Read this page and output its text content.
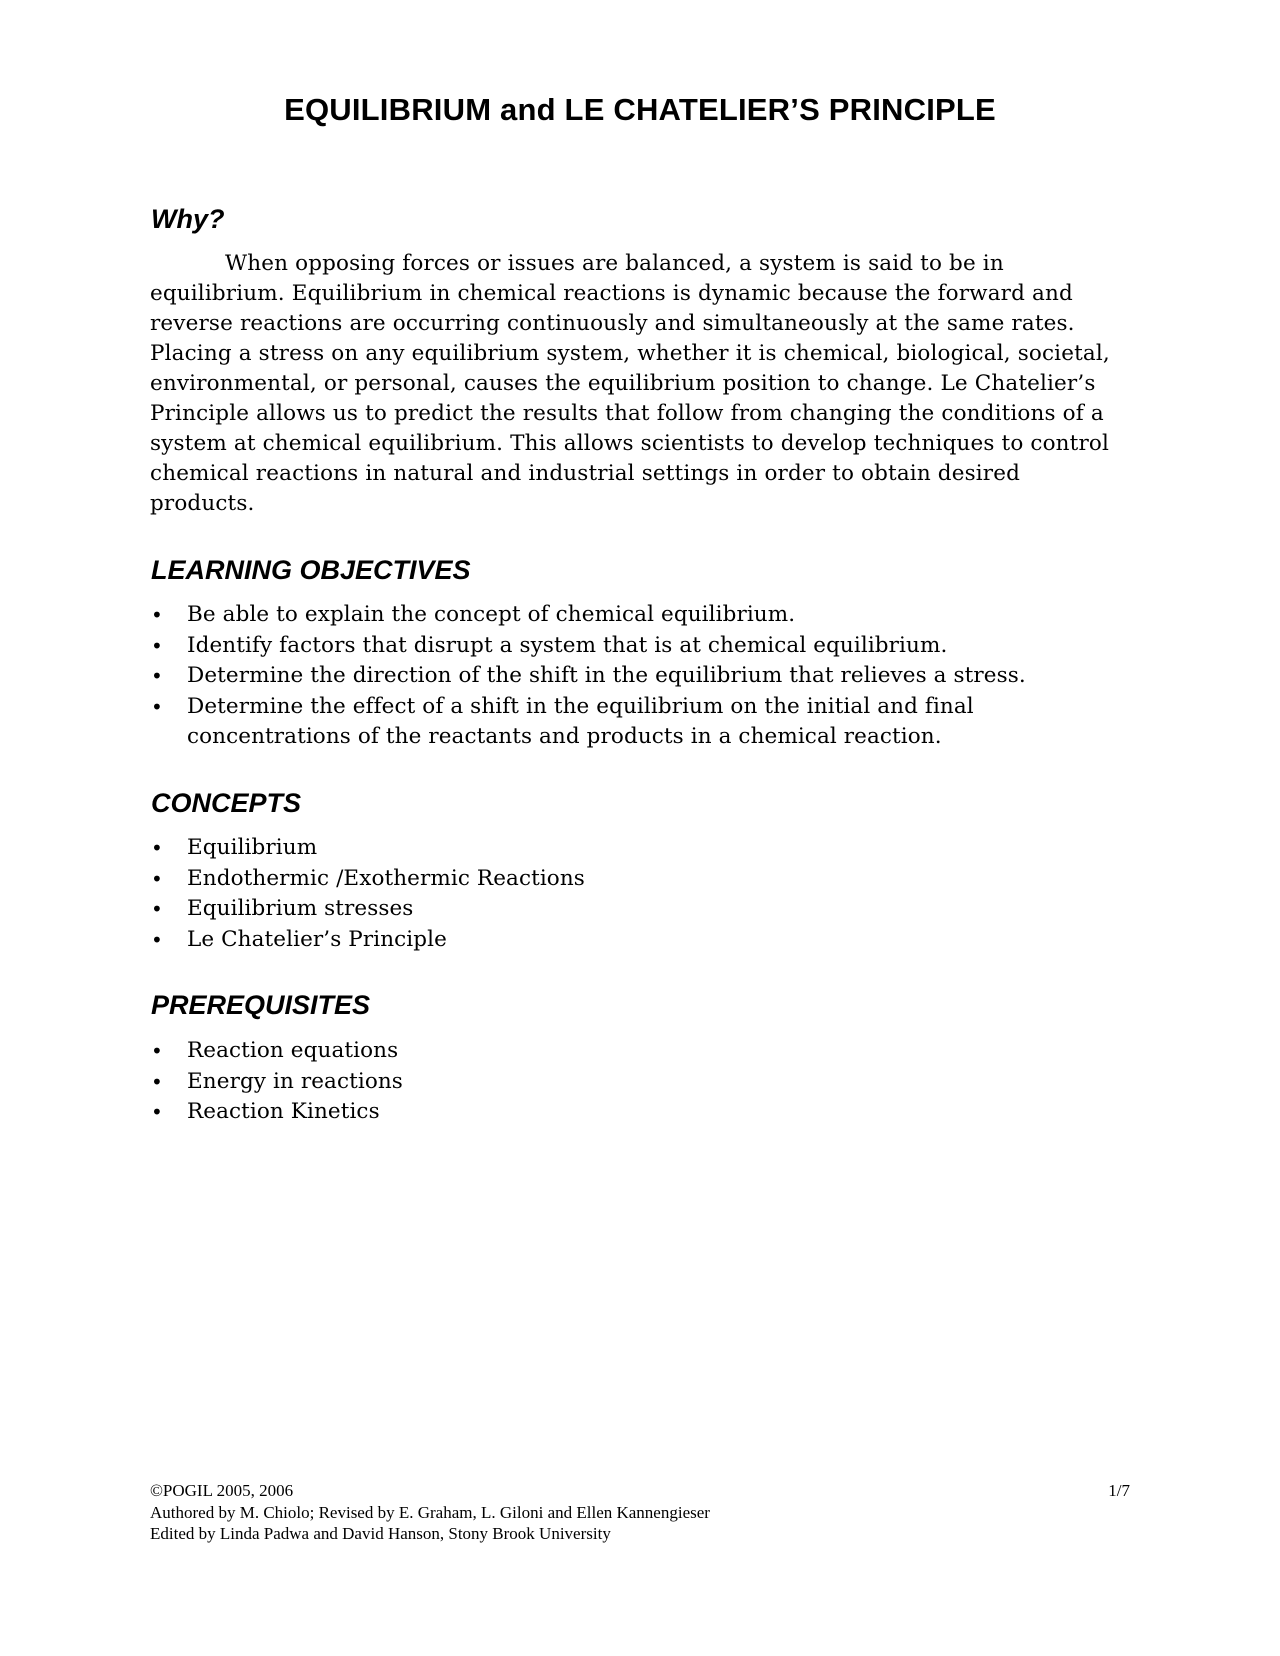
EQUILIBRIUM and LE CHATELIER’S PRINCIPLE
Why?

When opposing forces or issues are balanced, a system is said to be in equilibrium. Equilibrium in chemical reactions is dynamic because the forward and reverse reactions are occurring continuously and simultaneously at the same rates. Placing a stress on any equilibrium system, whether it is chemical, biological, societal, environmental, or personal, causes the equilibrium position to change. Le Chatelier’s Principle allows us to predict the results that follow from changing the conditions of a system at chemical equilibrium. This allows scientists to develop techniques to control chemical reactions in natural and industrial settings in order to obtain desired products.

LEARNING OBJECTIVES
• Be able to explain the concept of chemical equilibrium.
• Identify factors that disrupt a system that is at chemical equilibrium.
• Determine the direction of the shift in the equilibrium that relieves a stress.
• Determine the effect of a shift in the equilibrium on the initial and final concentrations of the reactants and products in a chemical reaction.
CONCEPTS
• Equilibrium
• Endothermic /Exothermic Reactions
• Equilibrium stresses
• Le Chatelier’s Principle
PREREQUISITES
• Reaction equations
• Energy in reactions
• Reaction Kinetics
©POGIL 2005, 2006	1/7
Authored by M. Chiolo; Revised by E. Graham, L. Giloni and Ellen Kannengieser
Edited by Linda Padwa and David Hanson, Stony Brook University
